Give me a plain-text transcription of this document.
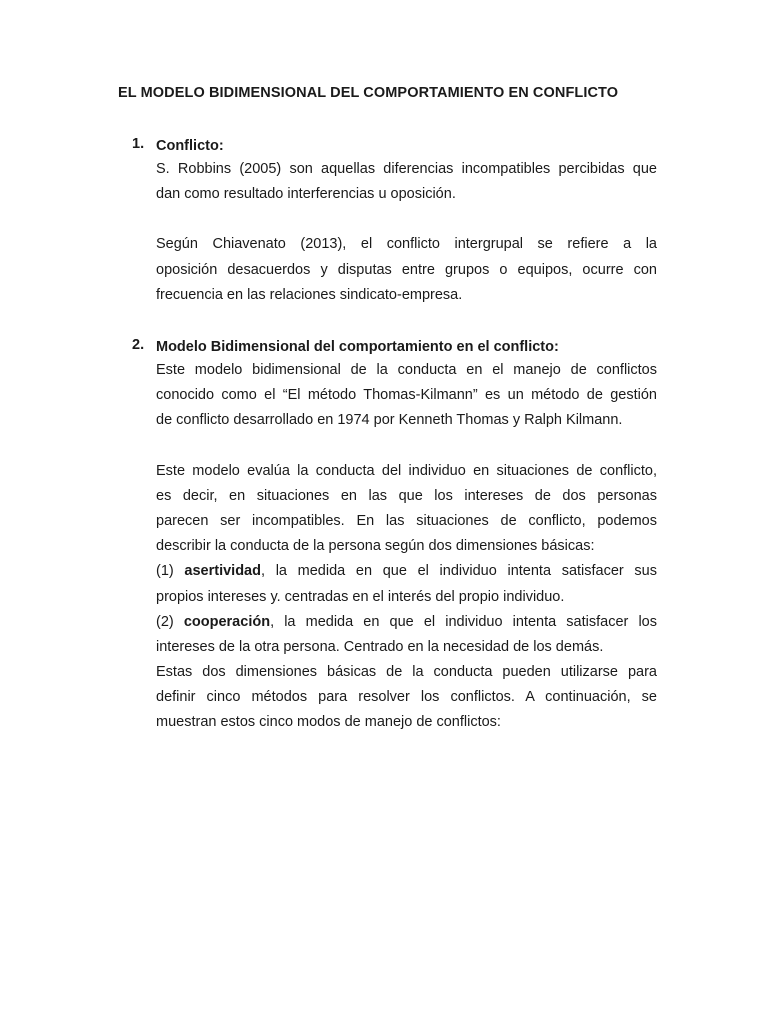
EL MODELO BIDIMENSIONAL DEL COMPORTAMIENTO EN CONFLICTO
1. Conflicto:
S. Robbins (2005) son aquellas diferencias incompatibles percibidas que
dan como resultado interferencias u oposición.
Según Chiavenato (2013), el conflicto intergrupal se refiere a la
oposición desacuerdos y disputas entre grupos o equipos, ocurre con
frecuencia en las relaciones sindicato-empresa.
2. Modelo Bidimensional del comportamiento en el conflicto:
Este modelo bidimensional de la conducta en el manejo de conflictos
conocido como el “El método Thomas-Kilmann” es un método de gestión
de conflicto desarrollado en 1974 por Kenneth Thomas y Ralph Kilmann.
Este modelo evalúa la conducta del individuo en situaciones de conflicto,
es decir, en situaciones en las que los intereses de dos personas
parecen ser incompatibles. En las situaciones de conflicto, podemos
describir la conducta de la persona según dos dimensiones básicas:
(1) asertividad, la medida en que el individuo intenta satisfacer sus
propios intereses y. centradas en el interés del propio individuo.
(2) cooperación, la medida en que el individuo intenta satisfacer los
intereses de la otra persona. Centrado en la necesidad de los demás.
Estas dos dimensiones básicas de la conducta pueden utilizarse para
definir cinco métodos para resolver los conflictos. A continuación, se
muestran estos cinco modos de manejo de conflictos:
